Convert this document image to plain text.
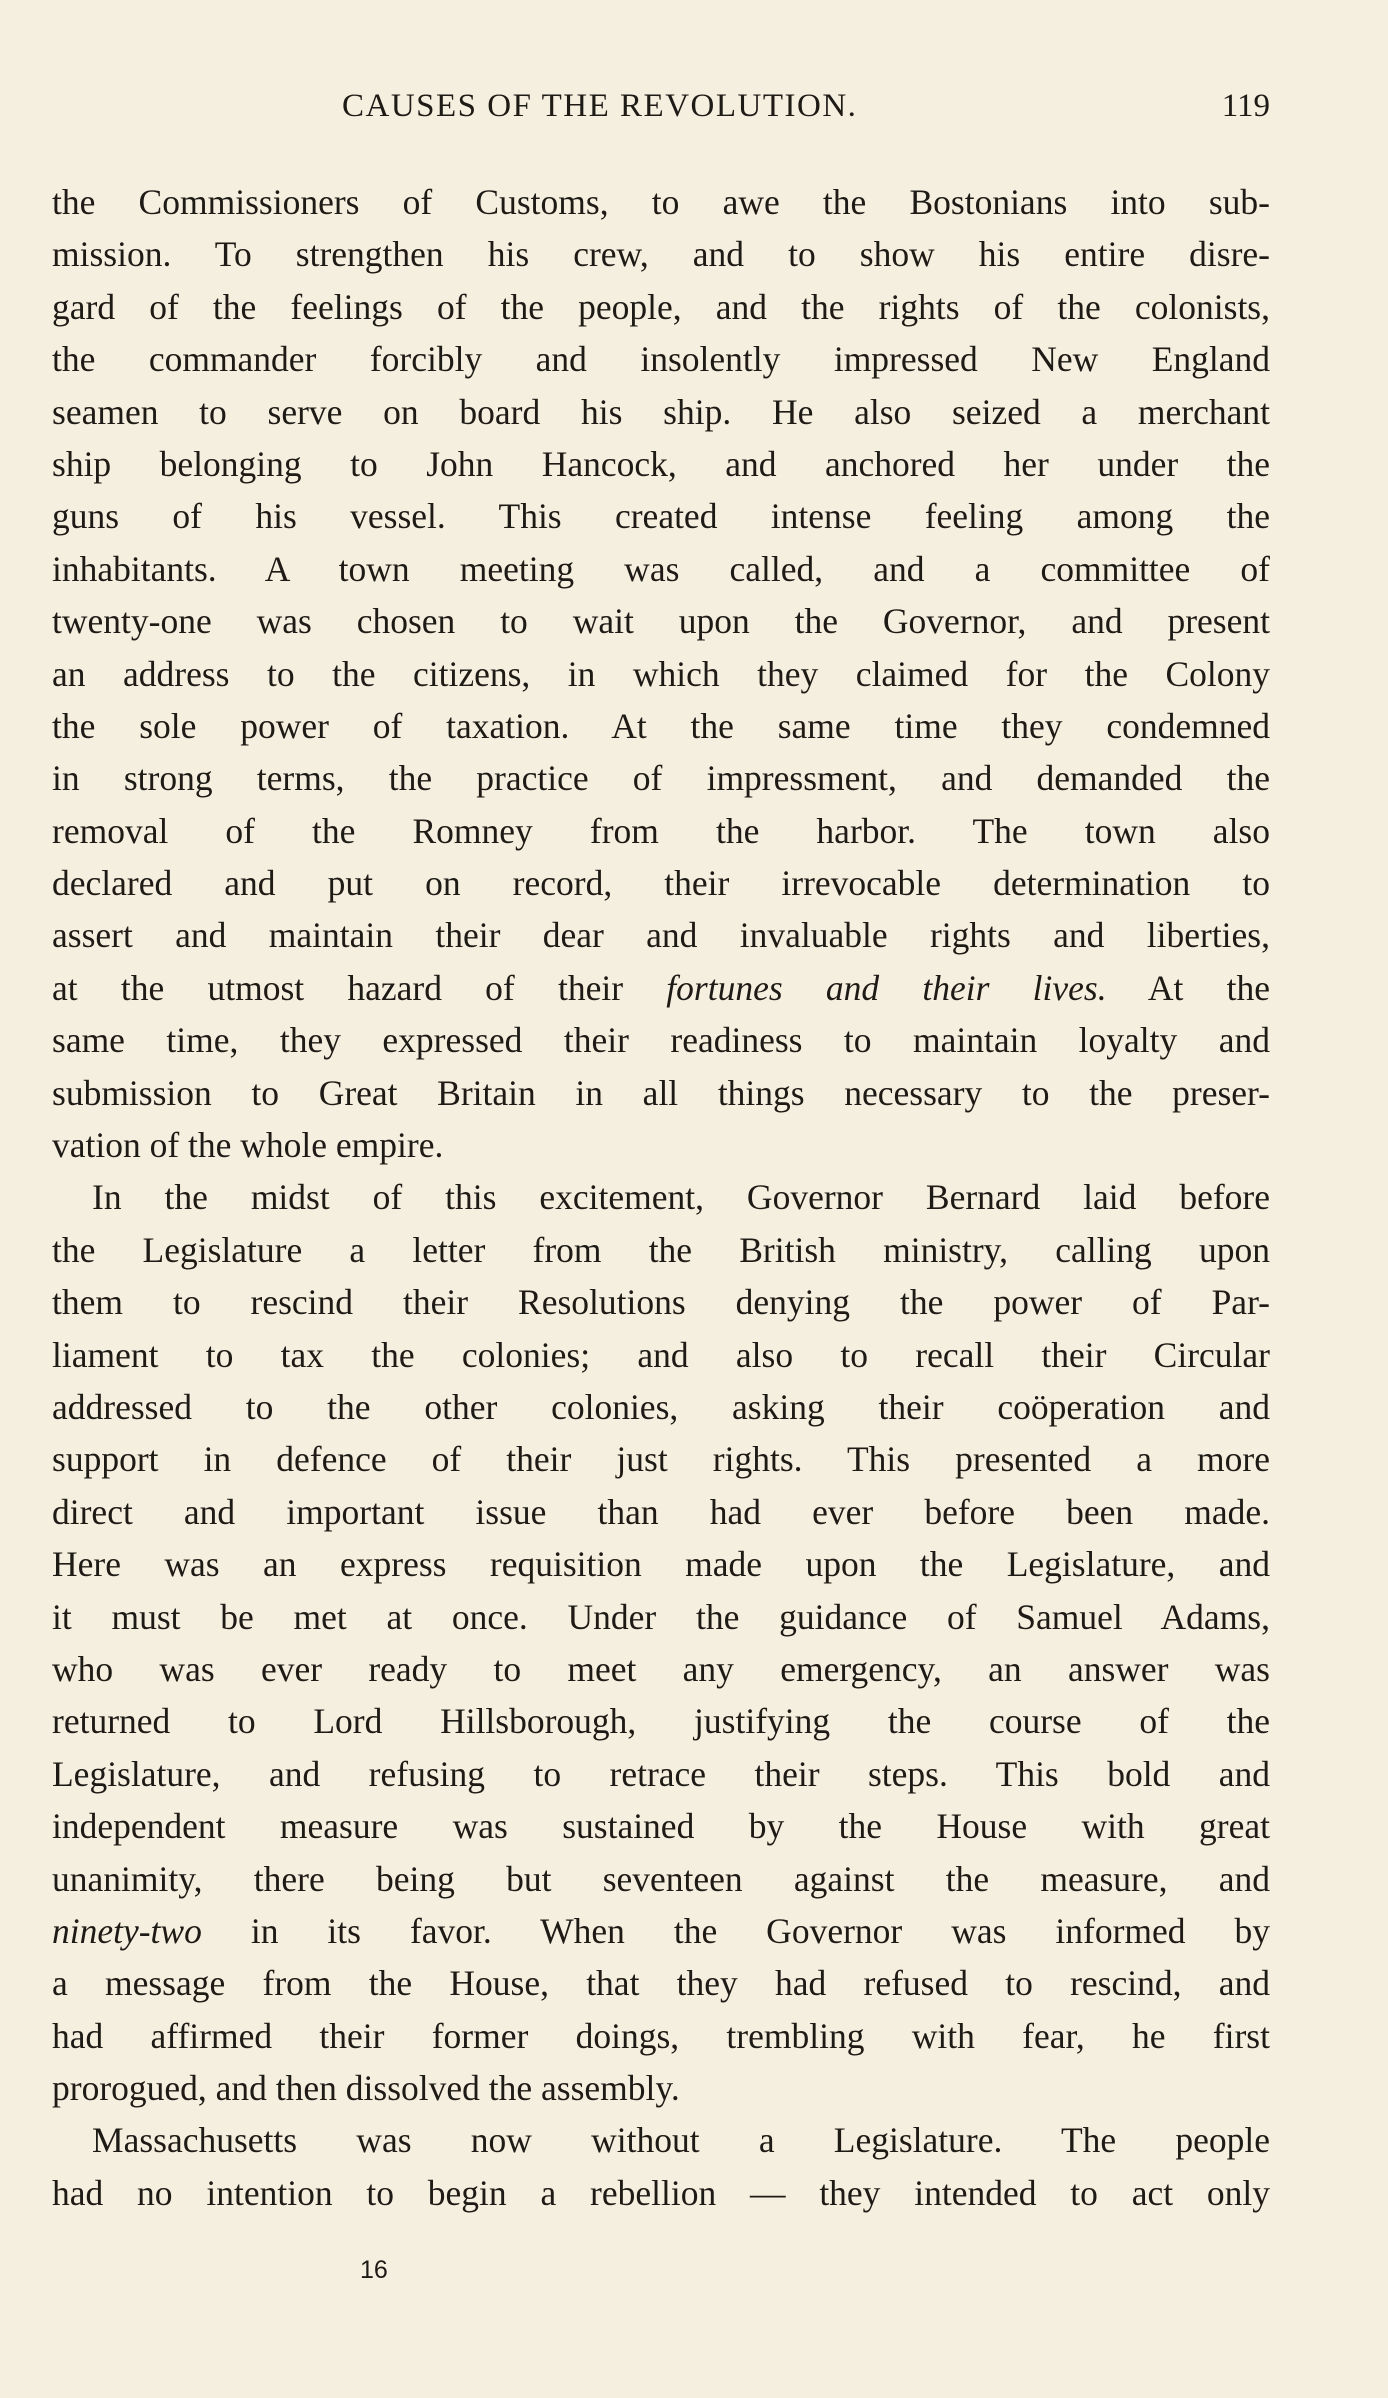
CAUSES OF THE REVOLUTION.	119
the Commissioners of Customs, to awe the Bostonians into sub-
mission. To strengthen his crew, and to show his entire disre-
gard of the feelings of the people, and the rights of the colonists,
the commander forcibly and insolently impressed New England
seamen to serve on board his ship. He also seized a merchant
ship belonging to John Hancock, and anchored her under the
guns of his vessel. This created intense feeling among the
inhabitants. A town meeting was called, and a committee of
twenty-one was chosen to wait upon the Governor, and present
an address to the citizens, in which they claimed for the Colony
the sole power of taxation. At the same time they condemned
in strong terms, the practice of impressment, and demanded the
removal of the Romney from the harbor. The town also
declared and put on record, their irrevocable determination to
assert and maintain their dear and invaluable rights and liberties,
at the utmost hazard of their fortunes and their lives. At the
same time, they expressed their readiness to maintain loyalty and
submission to Great Britain in all things necessary to the preser-
vation of the whole empire.
In the midst of this excitement, Governor Bernard laid before
the Legislature a letter from the British ministry, calling upon
them to rescind their Resolutions denying the power of Par-
liament to tax the colonies; and also to recall their Circular
addressed to the other colonies, asking their coöperation and
support in defence of their just rights. This presented a more
direct and important issue than had ever before been made.
Here was an express requisition made upon the Legislature, and
it must be met at once. Under the guidance of Samuel Adams,
who was ever ready to meet any emergency, an answer was
returned to Lord Hillsborough, justifying the course of the
Legislature, and refusing to retrace their steps. This bold and
independent measure was sustained by the House with great
unanimity, there being but seventeen against the measure, and
ninety-two in its favor. When the Governor was informed by
a message from the House, that they had refused to rescind, and
had affirmed their former doings, trembling with fear, he first
prorogued, and then dissolved the assembly.
Massachusetts was now without a Legislature. The people
had no intention to begin a rebellion — they intended to act only
16
